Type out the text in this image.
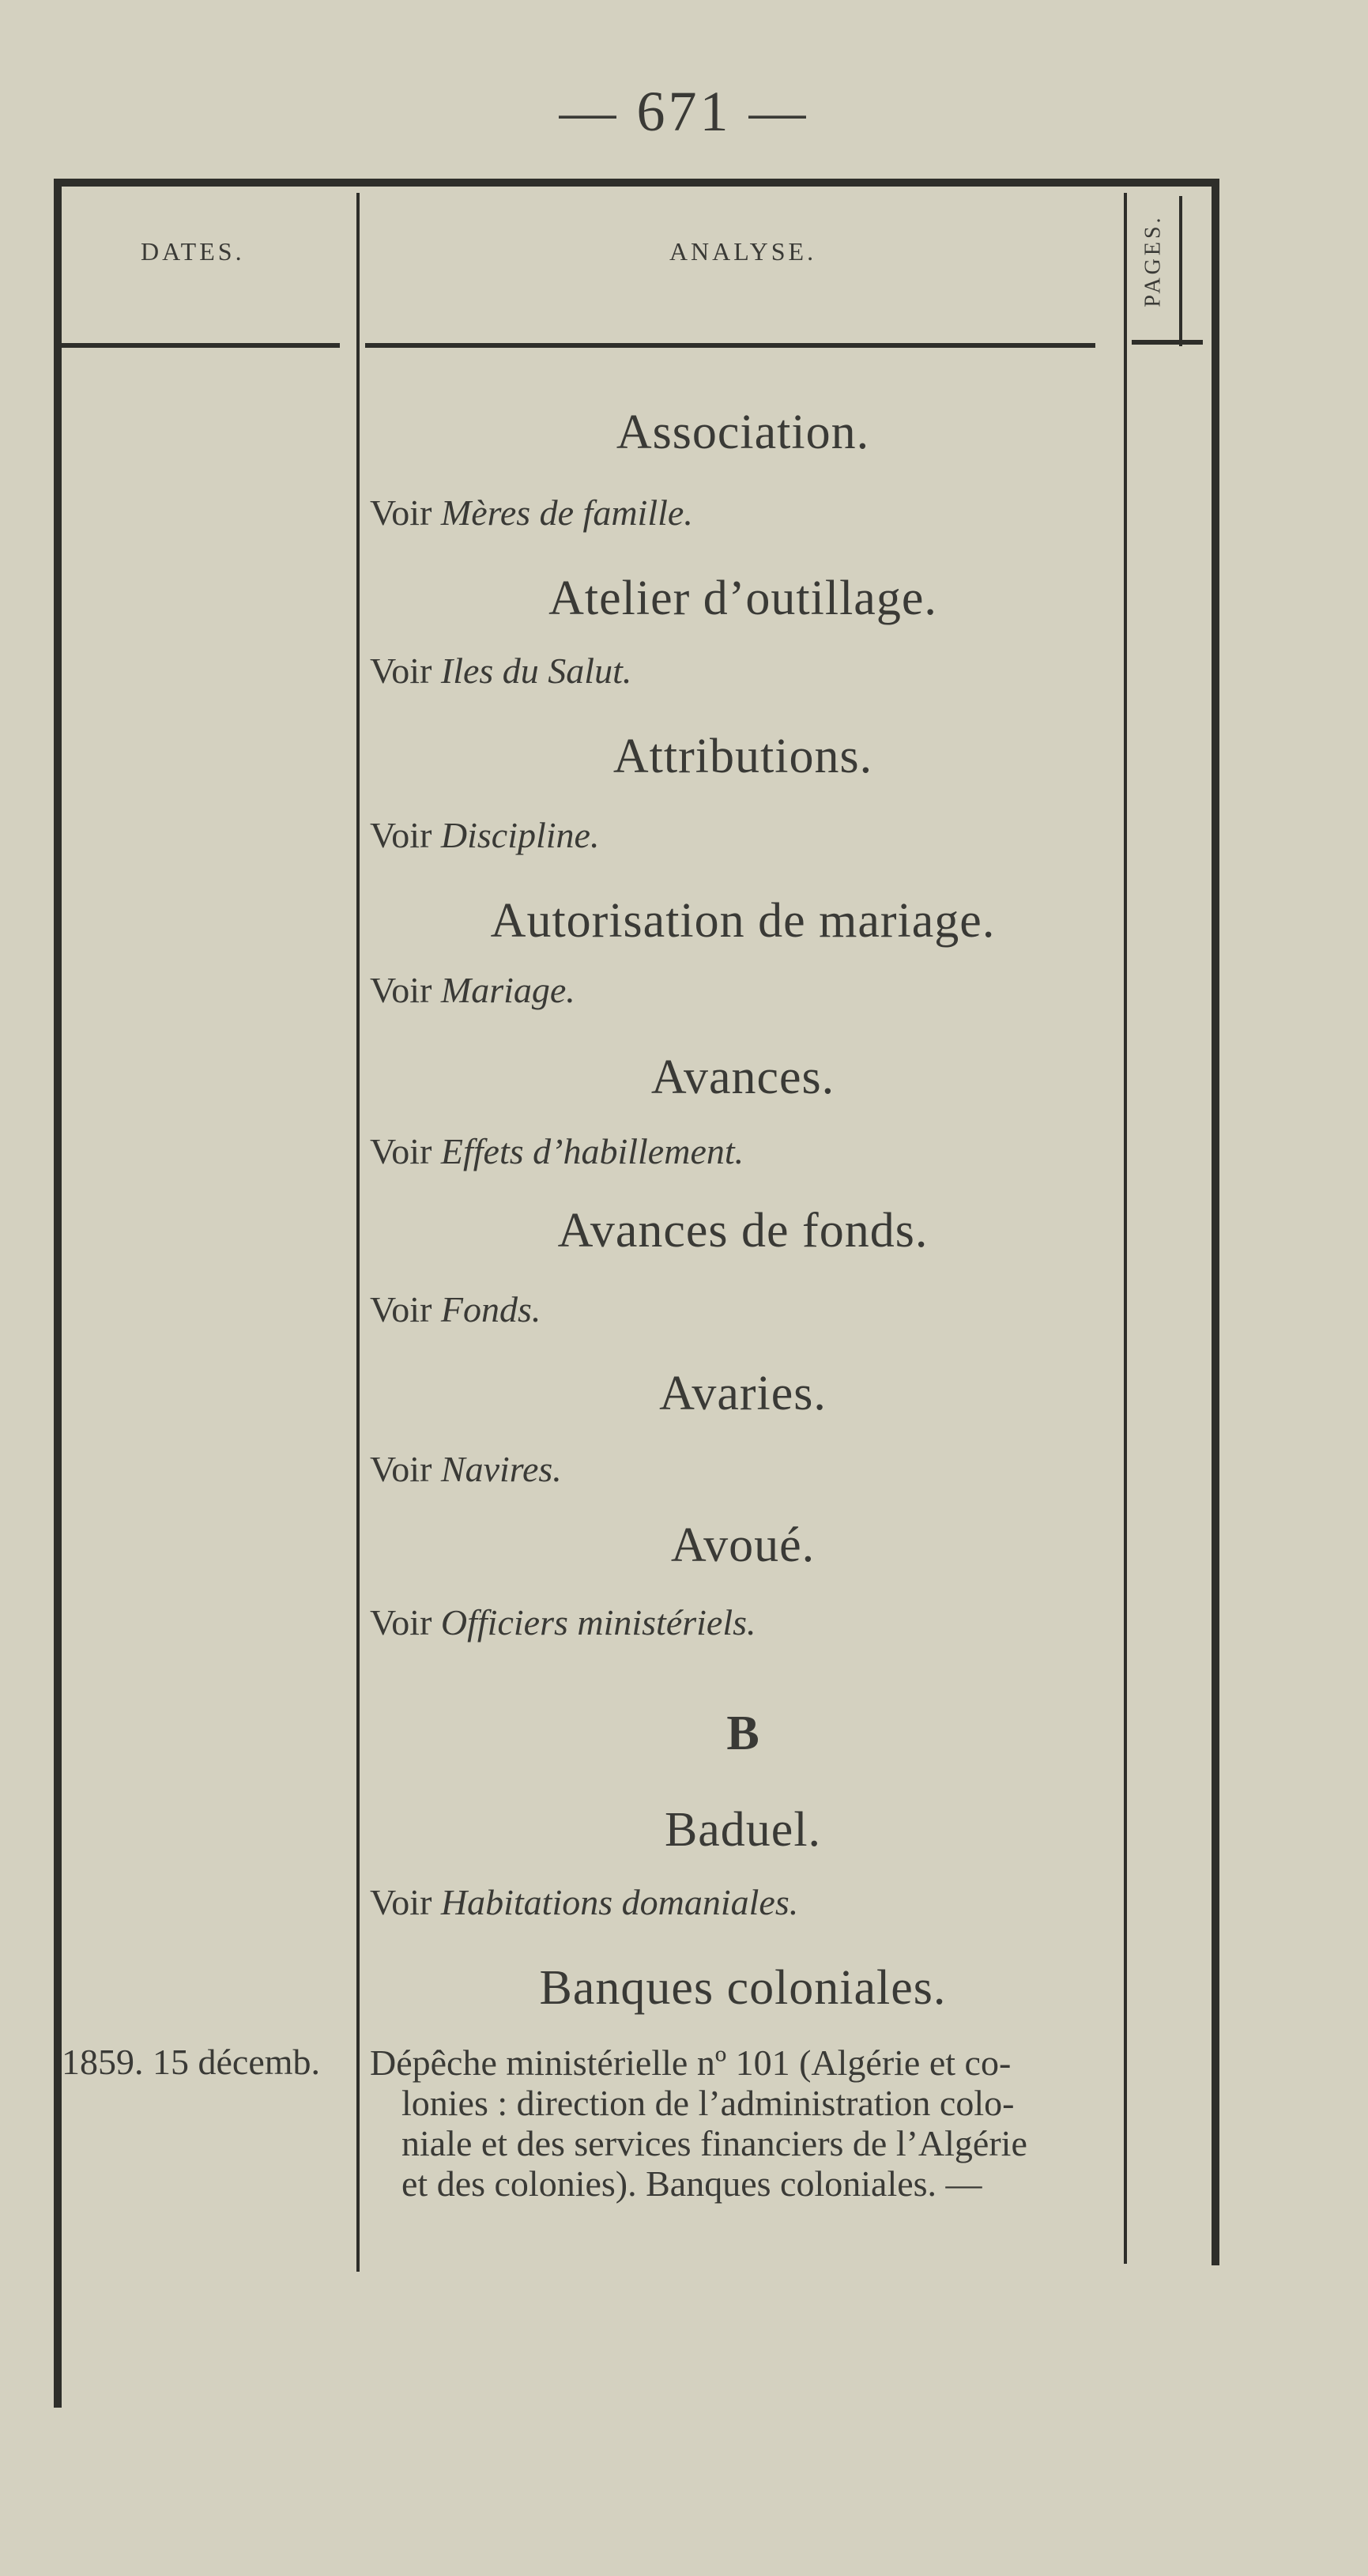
— 671 —
DATES.	ANALYSE.	PAGES.
Association.
Voir Mères de famille.
Atelier d’outillage.
Voir Iles du Salut.
Attributions.
Voir Discipline.
Autorisation de mariage.
Voir Mariage.
Avances.
Voir Effets d’habillement.
Avances de fonds.
Voir Fonds.
Avaries.
Voir Navires.
Avoué.
Voir Officiers ministériels.
B
Baduel.
Voir Habitations domaniales.
Banques coloniales.
1859. 15 décemb. Dépêche ministérielle nº 101 (Algérie et co-
lonies : direction de l’administration colo-
niale et des services financiers de l’Algérie
et des colonies). Banques coloniales. —
